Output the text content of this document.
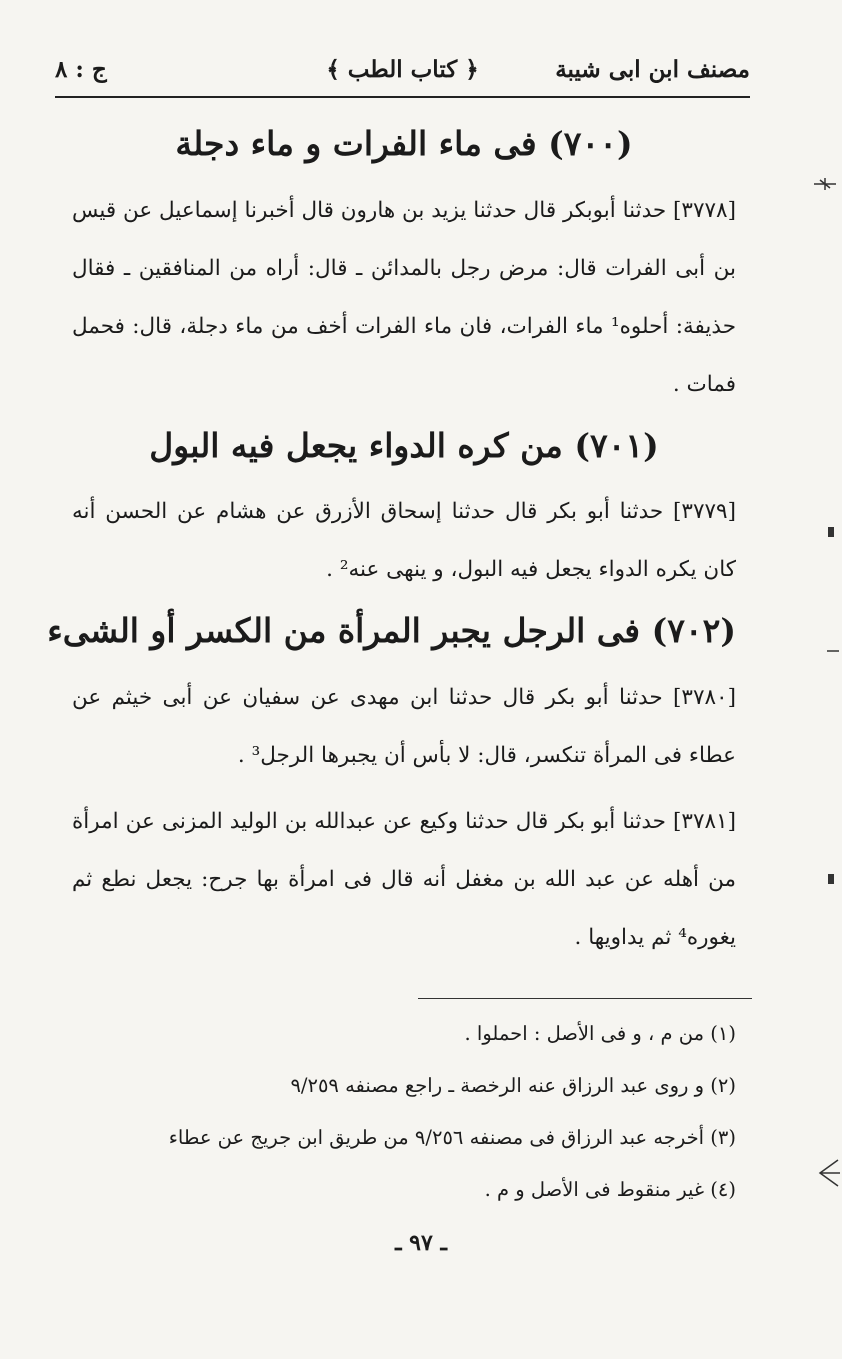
مصنف ابن ابى شيبة
﴿ كتاب الطب ﴾
ج : ٨
(٧٠٠) فى ماء الفرات و ماء دجلة

[٣٧٧٨] حدثنا أبوبكر قال حدثنا يزيد بن هارون قال أخبرنا إسماعيل عن قيس بن أبى الفرات قال: مرض رجل بالمدائن ـ قال: أراه من المنافقين ـ فقال حذيفة: أحلوه¹ ماء الفرات، فان ماء الفرات أخف من ماء دجلة، قال: فحمل فمات .

(٧٠١) من كره الدواء يجعل فيه البول

[٣٧٧٩] حدثنا أبو بكر قال حدثنا إسحاق الأزرق عن هشام عن الحسن أنه كان يكره الدواء يجعل فيه البول، و ينهى عنه² .

(٧٠٢) فى الرجل يجبر المرأة من الكسر أو الشىء

[٣٧٨٠] حدثنا أبو بكر قال حدثنا ابن مهدى عن سفيان عن أبى خيثم عن عطاء فى المرأة تنكسر، قال: لا بأس أن يجبرها الرجل³ .

[٣٧٨١] حدثنا أبو بكر قال حدثنا وكيع عن عبدالله بن الوليد المزنى عن امرأة من أهله عن عبد الله بن مغفل أنه قال فى امرأة بها جرح: يجعل نطع ثم يغوره⁴ ثم يداويها .

(١) من م ، و فى الأصل : احملوا .
(٢) و روى عبد الرزاق عنه الرخصة ـ راجع مصنفه ٩/٢٥٩
(٣) أخرجه عبد الرزاق فى مصنفه ٩/٢٥٦ من طريق ابن جريج عن عطاء
(٤) غير منقوط فى الأصل و م .
ـ ٩٧ ـ
